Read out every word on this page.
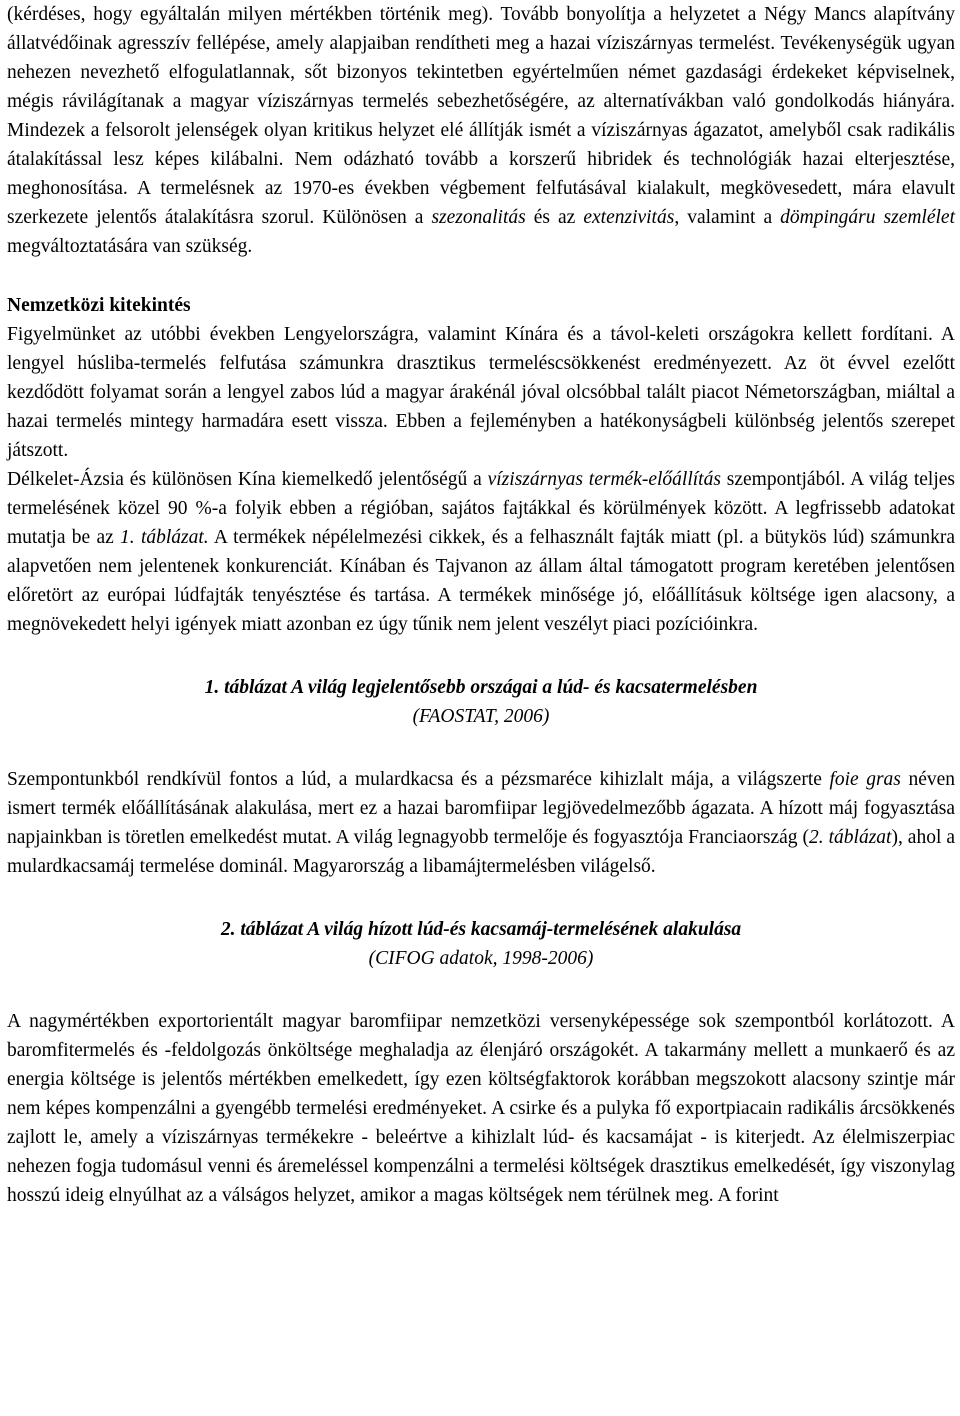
(kérdéses, hogy egyáltalán milyen mértékben történik meg). Tovább bonyolítja a helyzetet a Négy Mancs alapítvány állatvédőinak agresszív fellépése, amely alapjaiban rendítheti meg a hazai víziszárnyas termelést. Tevékenységük ugyan nehezen nevezhető elfogulatlannak, sőt bizonyos tekintetben egyértelműen német gazdasági érdekeket képviselnek, mégis rávilágítanak a magyar víziszárnyas termelés sebezhetőségére, az alternatívákban való gondolkodás hiányára. Mindezek a felsorolt jelenségek olyan kritikus helyzet elé állítják ismét a víziszárnyas ágazatot, amelyből csak radikális átalakítással lesz képes kilábalni. Nem odázható tovább a korszerű hibridek és technológiák hazai elterjesztése, meghonosítása. A termelésnek az 1970-es években végbement felfutásával kialakult, megkövesedett, mára elavult szerkezete jelentős átalakításra szorul. Különösen a szezonalitás és az extenzivitás, valamint a dömpingáru szemlélet megváltoztatására van szükség.

Nemzetközi kitekintés

Figyelmünket az utóbbi években Lengyelországra, valamint Kínára és a távol-keleti országokra kellett fordítani. A lengyel húsliba-termelés felfutása számunkra drasztikus termeléscsökkenést eredményezett. Az öt évvel ezelőtt kezdődött folyamat során a lengyel zabos lúd a magyar árakénál jóval olcsóbbal talált piacot Németországban, miáltal a hazai termelés mintegy harmadára esett vissza. Ebben a fejleményben a hatékonyságbeli különbség jelentős szerepet játszott.

Délkelet-Ázsia és különösen Kína kiemelkedő jelentőségű a víziszárnyas termék-előállítás szempontjából. A világ teljes termelésének közel 90 %-a folyik ebben a régióban, sajátos fajtákkal és körülmények között. A legfrissebb adatokat mutatja be az 1. táblázat. A termékek népélelmezési cikkek, és a felhasznált fajták miatt (pl. a bütykös lúd) számunkra alapvetően nem jelentenek konkurenciát. Kínában és Tajvanon az állam által támogatott program keretében jelentősen előretört az európai lúdfajták tenyésztése és tartása. A termékek minősége jó, előállításuk költsége igen alacsony, a megnövekedett helyi igények miatt azonban ez úgy tűnik nem jelent veszélyt piaci pozícióinkra.

1. táblázat A világ legjelentősebb országai a lúd- és kacsatermelésben

(FAOSTAT, 2006)

Szempontunkból rendkívül fontos a lúd, a mulardkacsa és a pézsmaréce kihizlalt mája, a világszerte foie gras néven ismert termék előállításának alakulása, mert ez a hazai baromfiipar legjövedelmezőbb ágazata. A hízott máj fogyasztása napjainkban is töretlen emelkedést mutat. A világ legnagyobb termelője és fogyasztója Franciaország (2. táblázat), ahol a mulardkacsamáj termelése dominál. Magyarország a libamájtermelésben világelső.

2. táblázat A világ hízott lúd-és kacsamáj-termelésének alakulása

(CIFOG adatok, 1998-2006)

A nagymértékben exportorientált magyar baromfiipar nemzetközi versenyképessége sok szempontból korlátozott. A baromfitermelés és -feldolgozás önköltsége meghaladja az élenjáró országokét. A takarmány mellett a munkaerő és az energia költsége is jelentős mértékben emelkedett, így ezen költségfaktorok korábban megszokott alacsony szintje már nem képes kompenzálni a gyengébb termelési eredményeket. A csirke és a pulyka fő exportpiacain radikális árcsökkenés zajlott le, amely a víziszárnyas termékekre - beleértve a kihizlalt lúd- és kacsamájat - is kiterjedt. Az élelmiszerpiac nehezen fogja tudomásul venni és áremeléssel kompenzálni a termelési költségek drasztikus emelkedését, így viszonylag hosszú ideig elnyúlhat az a válságos helyzet, amikor a magas költségek nem térülnek meg. A forint
